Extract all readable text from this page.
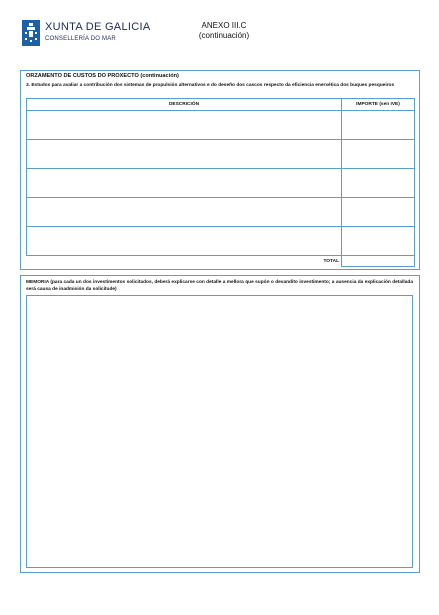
XUNTA DE GALICIA
CONSELLERÍA DO MAR
ANEXO III.C
(continuación)
ORZAMENTO DE CUSTOS DO PROXECTO (continuación)
3. Estudos para avaliar a contribución dos sistemas de propulsión alternativos e do deseño dos cascos respecto da eficiencia enerxética dos buques pesqueiros
DESCRICIÓN	IMPORTE (sen IVE)

TOTAL	
MEMORIA (para cada un dos investimentos solicitados, deberá explicarse con detalle a mellora que supón o devandito investimento; a ausencia da explicación detallada será causa de inadmisión da solicitude)
